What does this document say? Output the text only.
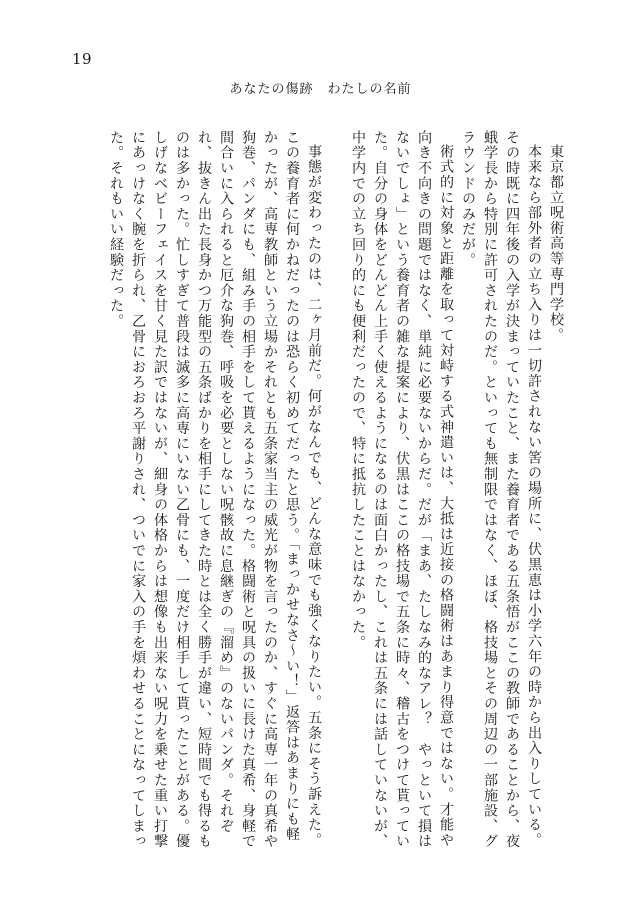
19
あなたの傷跡　わたしの名前

東京都立呪術高等専門学校。

本来なら部外者の立ち入りは一切許されない筈の場所に、伏黒恵は小学六年の時から出入りしている。その時既に四年後の入学が決まっていたこと、また養育者である五条悟がここの教師であることから、夜蛾学長から特別に許可されたのだ。といっても無制限ではなく、ほぼ、格技場とその周辺の一部施設、グラウンドのみだが。

術式的に対象と距離を取って対峙する式神遣いは、大抵は近接の格闘術はあまり得意ではない。才能や向き不向きの問題ではなく、単純に必要ないからだ。だが「まあ、たしなみ的なアレ？　やっといて損はないでしょ」という養育者の雑な提案により、伏黒はここの格技場で五条に時々、稽古をつけて貰っていた。自分の身体をどんどん上手く使えるようになるのは面白かったし、これは五条には話していないが、中学内での立ち回り的にも便利だったので、特に抵抗したことはなかった。

事態が変わったのは、二ヶ月前だ。何がなんでも、どんな意味でも強くなりたい。五条にそう訴えた。この養育者に何かねだったのは恐らく初めてだったと思う。「まっかせなさ～い！」返答はあまりにも軽かったが、高専教師という立場かそれとも五条家当主の威光が物を言ったのか、すぐに高専一年の真希や狗巻、パンダにも、組み手の相手をして貰えるようになった。格闘術と呪具の扱いに長けた真希、身軽で間合いに入られると厄介な狗巻、呼吸を必要としない呪骸故に息継ぎの『溜め』のないパンダ。それぞれ、抜きん出た長身かつ万能型の五条ばかりを相手にしてきた時とは全く勝手が違い、短時間でも得るものは多かった。忙しすぎて普段は滅多に高専にいない乙骨にも、一度だけ相手して貰ったことがある。優しげなベビーフェイスを甘く見た訳ではないが、細身の体格からは想像も出来ない呪力を乗せた重い打撃にあっけなく腕を折られ、乙骨におろおろ平謝りされ、ついでに家入の手を煩わせることになってしまった。それもいい経験だった。
